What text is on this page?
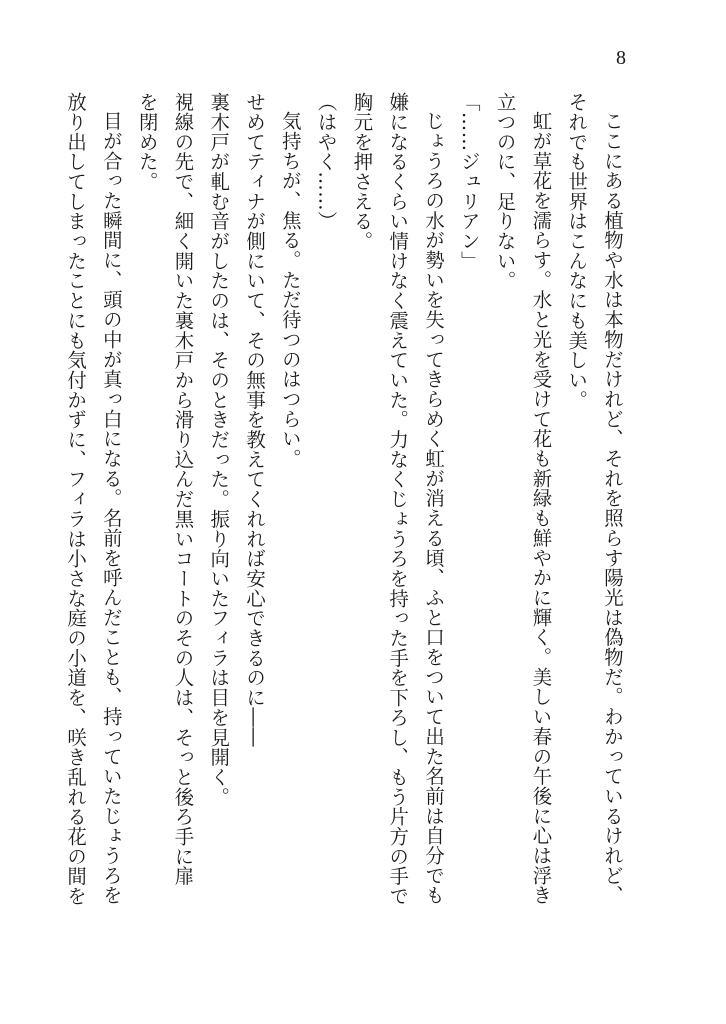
8
ここにある植物や水は本物だけれど、それを照らす陽光は偽物だ。わかっているけれど、
それでも世界はこんなにも美しい。
虹が草花を濡らす。水と光を受けて花も新緑も鮮やかに輝く。美しい春の午後に心は浮き
立つのに、足りない。
「……ジュリアン」
じょうろの水が勢いを失ってきらめく虹が消える頃、ふと口をついて出た名前は自分でも
嫌になるくらい情けなく震えていた。力なくじょうろを持った手を下ろし、もう片方の手で
胸元を押さえる。
（はやく……）
気持ちが、焦る。ただ待つのはつらい。
せめてティナが側にいて、その無事を教えてくれれば安心できるのに――
裏木戸が軋む音がしたのは、そのときだった。振り向いたフィラは目を見開く。
視線の先で、細く開いた裏木戸から滑り込んだ黒いコートのその人は、そっと後ろ手に扉
を閉めた。
目が合った瞬間に、頭の中が真っ白になる。名前を呼んだことも、持っていたじょうろを
放り出してしまったことにも気付かずに、フィラは小さな庭の小道を、咲き乱れる花の間を
